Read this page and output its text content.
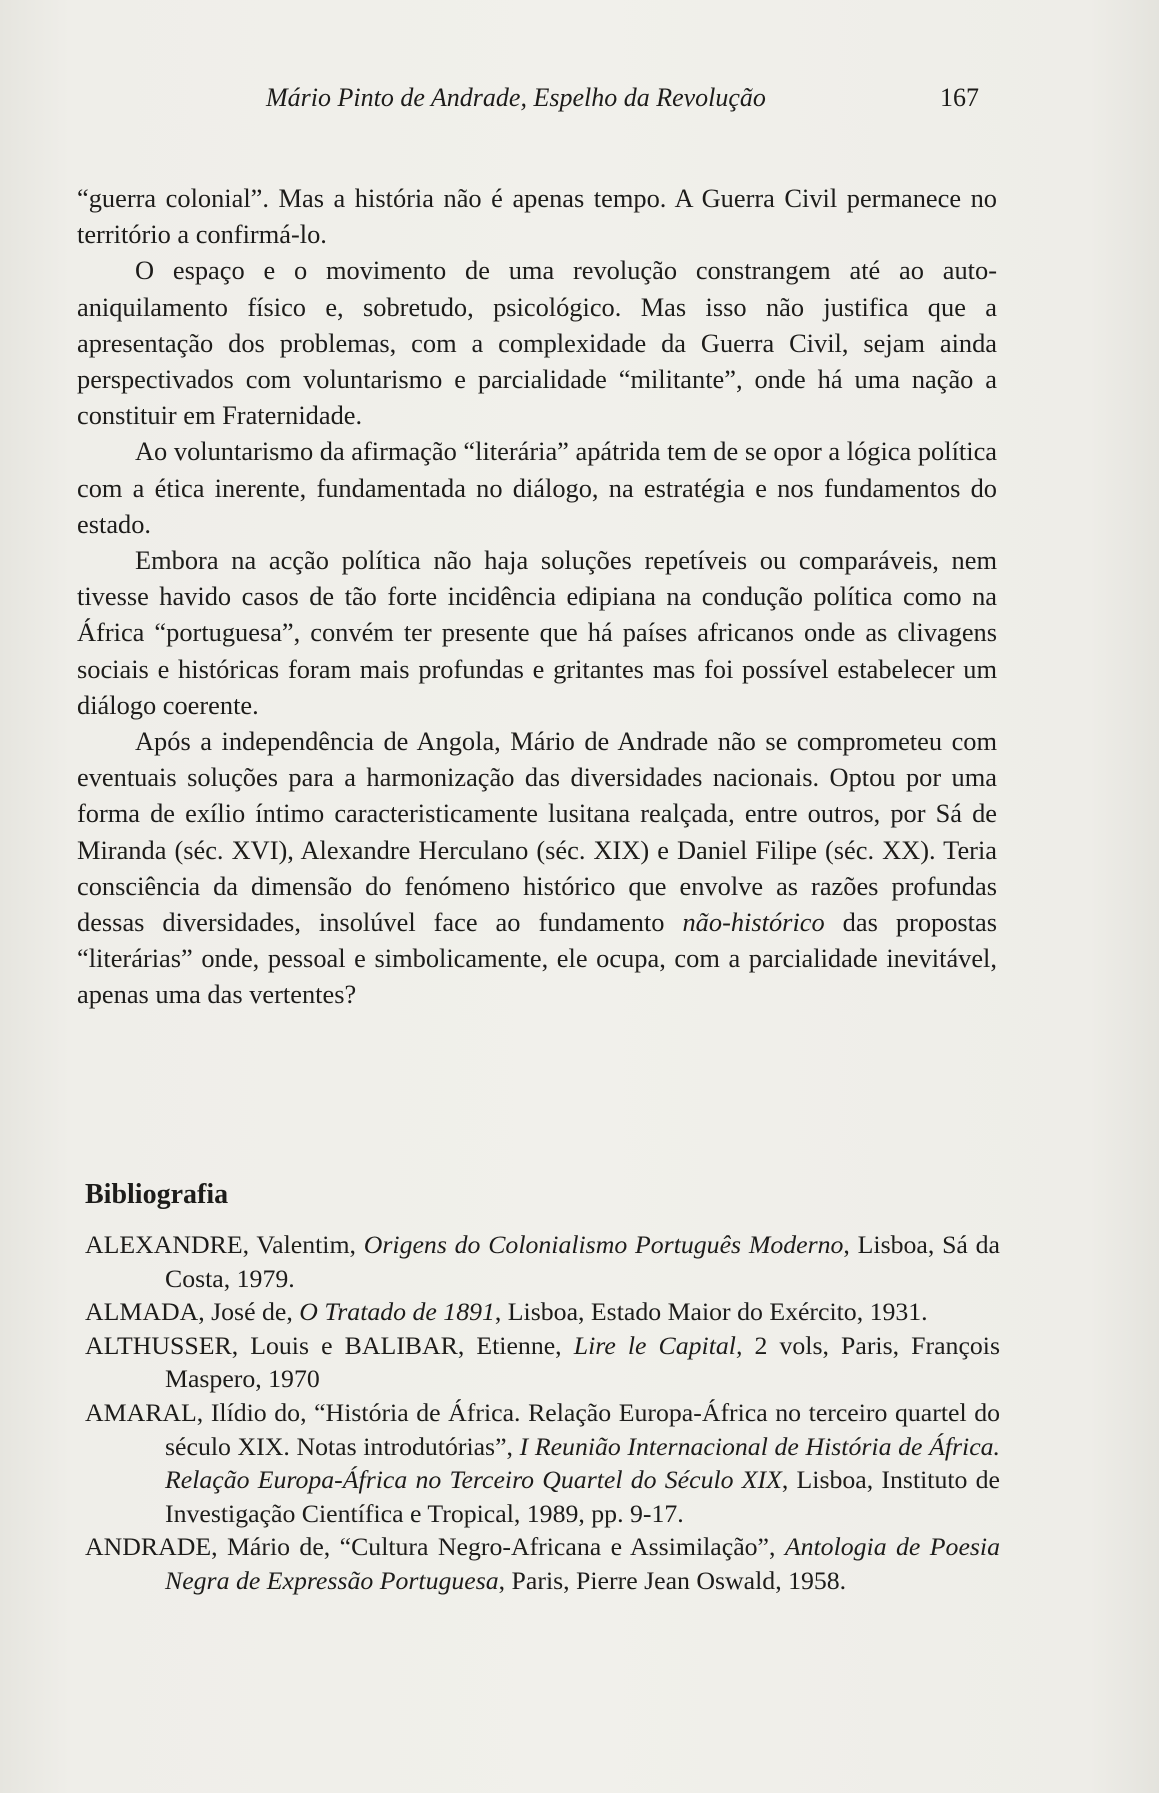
Mário Pinto de Andrade, Espelho da Revolução	167

“guerra colonial”. Mas a história não é apenas tempo. A Guerra Civil permanece no território a confirmá-lo.

O espaço e o movimento de uma revolução constrangem até ao auto-aniquilamento físico e, sobretudo, psicológico. Mas isso não justifica que a apresentação dos problemas, com a complexidade da Guerra Civil, sejam ainda perspectivados com voluntarismo e parcialidade “militante”, onde há uma nação a constituir em Fraternidade.

Ao voluntarismo da afirmação “literária” apátrida tem de se opor a lógica política com a ética inerente, fundamentada no diálogo, na estratégia e nos fundamentos do estado.

Embora na acção política não haja soluções repetíveis ou comparáveis, nem tivesse havido casos de tão forte incidência edipiana na condução política como na África “portuguesa”, convém ter presente que há países africanos onde as clivagens sociais e históricas foram mais profundas e gritantes mas foi possível estabelecer um diálogo coerente.

Após a independência de Angola, Mário de Andrade não se comprometeu com eventuais soluções para a harmonização das diversidades nacionais. Optou por uma forma de exílio íntimo caracteristicamente lusitana realçada, entre outros, por Sá de Miranda (séc. XVI), Alexandre Herculano (séc. XIX) e Daniel Filipe (séc. XX). Teria consciência da dimensão do fenómeno histórico que envolve as razões profundas dessas diversidades, insolúvel face ao fundamento não-histórico das propostas “literárias” onde, pessoal e simbolicamente, ele ocupa, com a parcialidade inevitável, apenas uma das vertentes?

Bibliografia

ALEXANDRE, Valentim, Origens do Colonialismo Português Moderno, Lisboa, Sá da Costa, 1979.

ALMADA, José de, O Tratado de 1891, Lisboa, Estado Maior do Exército, 1931.

ALTHUSSER, Louis e BALIBAR, Etienne, Lire le Capital, 2 vols, Paris, François Maspero, 1970

AMARAL, Ilídio do, “História de África. Relação Europa-África no terceiro quartel do século XIX. Notas introdutórias”, I Reunião Internacional de História de África. Relação Europa-África no Terceiro Quartel do Século XIX, Lisboa, Instituto de Investigação Científica e Tropical, 1989, pp. 9-17.

ANDRADE, Mário de, “Cultura Negro-Africana e Assimilação”, Antologia de Poesia Negra de Expressão Portuguesa, Paris, Pierre Jean Oswald, 1958.
